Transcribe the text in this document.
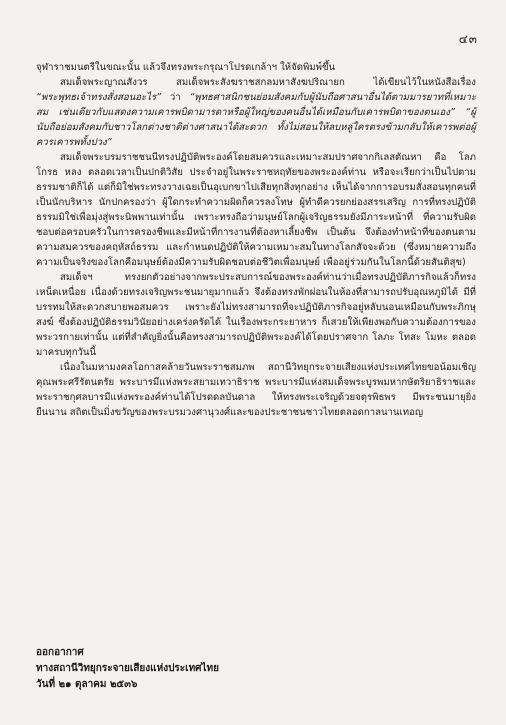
๔๓

จุฬาราชมนตรีในขณะนั้น แล้วจึงทรงพระกรุณาโปรดเกล้าฯ ให้จัดพิมพ์ขึ้น

สมเด็จพระญาณสังวร สมเด็จพระสังฆราชสกลมหาสังฆปริณายก ได้เขียนไว้ในหนังสือเรื่อง “พระพุทธเจ้าทรงสั่งสอนอะไร” ว่า “พุทธศาสนิกชนย่อมสังคมกับผู้นับถือศาสนาอื่นได้ตามมารยาทที่เหมาะสม เช่นเดียวกับแสดงความเคารพบิดามารดาหรือผู้ใหญ่ของคนอื่นได้เหมือนกับเคารพบิดาของตนเอง” “ผู้นับถือย่อมสังคมกับชาวโลกต่างชาติต่างศาสนาได้สะดวก ทั้งไม่สอนให้ลบหลู่ใครตรงข้ามกลับให้เคารพต่อผู้ควรเคารพทั้งปวง”

สมเด็จพระบรมราชชนนีทรงปฏิบัติพระองค์โดยสมควรและเหมาะสมปราศจากกิเลสตัณหา คือ โลภ โกรธ หลง ตลอดเวลาเป็นปกติวิสัย ประจำอยู่ในพระราชหฤทัยของพระองค์ท่าน หรือจะเรียกว่าเป็นไปตามธรรมชาติก็ได้ แต่ก็มิใช่พระทรงวางเฉยเป็นอุเบกขาไปเสียทุกสิ่งทุกอย่าง เห็นได้จากการอบรมสั่งสอนทุกคนที่เป็นนักบริหาร นักปกครองว่า ผู้ใดกระทำความผิดก็ควรลงโทษ ผู้ทำดีควรยกย่องสรรเสริญ การที่ทรงปฏิบัติธรรมมิใช่เพื่อมุ่งสู่พระนิพพานเท่านั้น เพราะทรงถือว่ามนุษย์โลกผู้เจริญธรรมยังมีภาระหน้าที่ ที่ความรับผิดชอบต่อครอบครัวในการครองชีพและมีหน้าที่การงานที่ต้องหาเลี้ยงชีพ เป็นต้น จึงต้องทำหน้าที่ของตนตามความสมควรของคฤหัสถ์ธรรม และกำหนดปฏิบัติให้ความเหมาะสมในทางโลกสัจจะด้วย (ซึ่งหมายความถึงความเป็นจริงของโลกคือมนุษย์ต้องมีความรับผิดชอบต่อชีวิตเพื่อมนุษย์ เพื่ออยู่ร่วมกันในโลกนี้ด้วยสันติสุข)

สมเด็จฯ ทรงยกตัวอย่างจากพระประสบการณ์ของพระองค์ท่านว่าเมื่อทรงปฏิบัติภารกิจแล้วก็ทรงเหน็ดเหนื่อย เนื่องด้วยทรงเจริญพระชนมายุมากแล้ว จึงต้องทรงพักผ่อนในห้องที่สามารถปรับอุณหภูมิได้ มีที่บรรทมให้สะดวกสบายพอสมควร เพราะยังไม่ทรงสามารถที่จะปฏิบัติภารกิจอยู่หลับนอนเหมือนกับพระภิกษุสงฆ์ ซึ่งต้องปฏิบัติธรรมวินัยอย่างเคร่งครัดได้ ในเรื่องพระกระยาหาร ก็เสวยให้เพียงพอกับความต้องการของพระวรกายเท่านั้น แต่ที่สำคัญยิ่งนั้นคือทรงสามารถปฏิบัติพระองค์ได้โดยปราศจาก โลภะ โทสะ โมหะ ตลอดมาครบทุกวันนี้

เนื่องในมหามงคลโอกาสคล้ายวันพระราชสมภพ สถานีวิทยุกระจายเสียงแห่งประเทศไทยขอน้อมเชิญคุณพระศรีรัตนตรัย พระบารมีแห่งพระสยามเทวาธิราช พระบารมีแห่งสมเด็จพระบูรพมหากษัตริยาธิราชและพระราชกุศลบารมีแห่งพระองค์ท่านได้โปรดดลบันดาล ให้ทรงพระเจริญด้วยจตุรพิธพร มีพระชนมายุยิ่งยืนนาน สถิตเป็นมิ่งขวัญของพระบรมวงศานุวงศ์และของประชาชนชาวไทยตลอดกาลนานเทอญ

ออกอากาศ
ทางสถานีวิทยุกระจายเสียงแห่งประเทศไทย
วันที่ ๒๑ ตุลาคม ๒๕๓๖
